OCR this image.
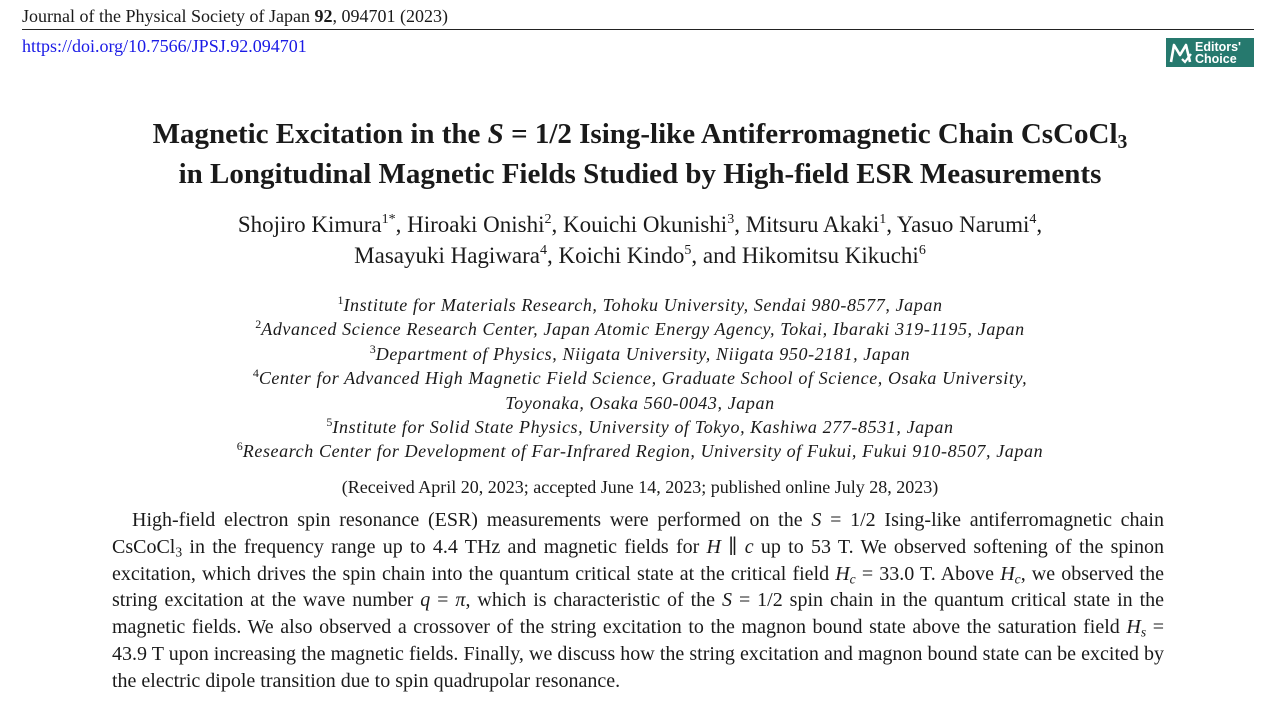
Journal of the Physical Society of Japan 92, 094701 (2023)
https://doi.org/10.7566/JPSJ.92.094701	Editors'
Choice
Magnetic Excitation in the S = 1/2 Ising-like Antiferromagnetic Chain CsCoCl$_3$
in Longitudinal Magnetic Fields Studied by High-field ESR Measurements
Shojiro Kimura$^{1*}$, Hiroaki Onishi$^2$, Kouichi Okunishi$^3$, Mitsuru Akaki$^1$, Yasuo Narumi$^4$,
Masayuki Hagiwara$^4$, Koichi Kindo$^5$, and Hikomitsu Kikuchi$^6$
$^1$Institute for Materials Research, Tohoku University, Sendai 980-8577, Japan
$^2$Advanced Science Research Center, Japan Atomic Energy Agency, Tokai, Ibaraki 319-1195, Japan
$^3$Department of Physics, Niigata University, Niigata 950-2181, Japan
$^4$Center for Advanced High Magnetic Field Science, Graduate School of Science, Osaka University,
Toyonaka, Osaka 560-0043, Japan
$^5$Institute for Solid State Physics, University of Tokyo, Kashiwa 277-8531, Japan
$^6$Research Center for Development of Far-Infrared Region, University of Fukui, Fukui 910-8507, Japan
(Received April 20, 2023; accepted June 14, 2023; published online July 28, 2023)
High-field electron spin resonance (ESR) measurements were performed on the S = 1/2 Ising-like antiferromagnetic chain CsCoCl$_3$ in the frequency range up to 4.4 THz and magnetic fields for H ∥ c up to 53 T. We observed softening of the spinon excitation, which drives the spin chain into the quantum critical state at the critical field $H_c = 33.0$ T. Above $H_c$, we observed the string excitation at the wave number q = π, which is characteristic of the S = 1/2 spin chain in the quantum critical state in the magnetic fields. We also observed a crossover of the string excitation to the magnon bound state above the saturation field $H_s = 43.9$ T upon increasing the magnetic fields. Finally, we discuss how the string excitation and magnon bound state can be excited by the electric dipole transition due to spin quadrupolar resonance.
